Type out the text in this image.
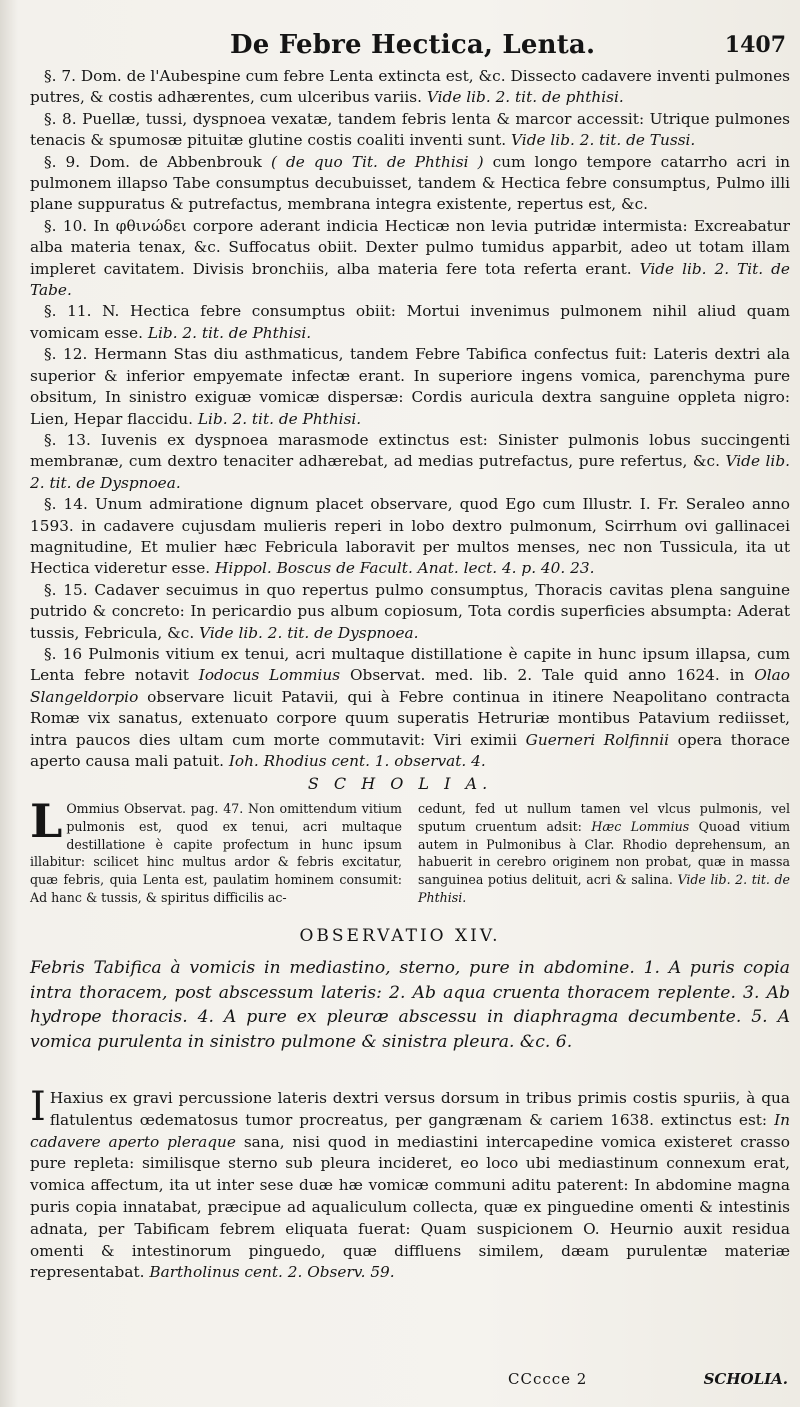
De Febre Hectica, Lenta.	1407

§. 7. Dom. de l'Aubespine cum febre Lenta extincta est, &c. Dissecto cadavere inventi pulmones putres, & costis adhærentes, cum ulceribus variis. Vide lib. 2. tit. de phthisi.

§. 8. Puellæ, tussi, dyspnoea vexatæ, tandem febris lenta & marcor accessit: Utrique pulmones tenacis & spumosæ pituitæ glutine costis coaliti inventi sunt. Vide lib. 2. tit. de Tussi.

§. 9. Dom. de Abbenbrouk ( de quo Tit. de Phthisi ) cum longo tempore catarrho acri in pulmonem illapso Tabe consumptus decubuisset, tandem & Hectica febre consumptus, Pulmo illi plane suppuratus & putrefactus, membrana integra existente, repertus est, &c.

§. 10. In φθινώδει corpore aderant indicia Hecticæ non levia putridæ intermista: Excreabatur alba materia tenax, &c. Suffocatus obiit. Dexter pulmo tumidus apparbit, adeo ut totam illam impleret cavitatem. Divisis bronchiis, alba materia fere tota referta erant. Vide lib. 2. Tit. de Tabe.

§. 11. N. Hectica febre consumptus obiit: Mortui invenimus pulmonem nihil aliud quam vomicam esse. Lib. 2. tit. de Phthisi.

§. 12. Hermann Stas diu asthmaticus, tandem Febre Tabifica confectus fuit: Lateris dextri ala superior & inferior empyemate infectæ erant. In superiore ingens vomica, parenchyma pure obsitum, In sinistro exiguæ vomicæ dispersæ: Cordis auricula dextra sanguine oppleta nigro: Lien, Hepar flaccidu. Lib. 2. tit. de Phthisi.

§. 13. Iuvenis ex dyspnoea marasmode extinctus est: Sinister pulmonis lobus succingenti membranæ, cum dextro tenaciter adhærebat, ad medias putrefactus, pure refertus, &c. Vide lib. 2. tit. de Dyspnoea.

§. 14. Unum admiratione dignum placet observare, quod Ego cum Illustr. I. Fr. Seraleo anno 1593. in cadavere cujusdam mulieris reperi in lobo dextro pulmonum, Scirrhum ovi gallinacei magnitudine, Et mulier hæc Febricula laboravit per multos menses, nec non Tussicula, ita ut Hectica videretur esse. Hippol. Boscus de Facult. Anat. lect. 4. p. 40. 23.

§. 15. Cadaver secuimus in quo repertus pulmo consumptus, Thoracis cavitas plena sanguine putrido & concreto: In pericardio pus album copiosum, Tota cordis superficies absumpta: Aderat tussis, Febricula, &c. Vide lib. 2. tit. de Dyspnoea.

§. 16 Pulmonis vitium ex tenui, acri multaque distillatione è capite in hunc ipsum illapsa, cum Lenta febre notavit Iodocus Lommius Observat. med. lib. 2. Tale quid anno 1624. in Olao Slangeldorpio observare licuit Patavii, qui à Febre continua in itinere Neapolitano contracta Romæ vix sanatus, extenuato corpore quum superatis Hetruriæ montibus Patavium rediisset, intra paucos dies ultam cum morte commutavit: Viri eximii Guerneri Rolfinnii opera thorace aperto causa mali patuit. Ioh. Rhodius cent. 1. observat. 4.

S C H O L I A.
L Ommius Observat. pag. 47. Non omittendum vitium pulmonis est, quod ex tenui, acri multaque destillatione è capite profectum in hunc ipsum illabitur: scilicet hinc multus ardor & febris excitatur, quæ febris, quia Lenta est, paulatim hominem consumit: Ad hanc & tussis, & spiritus difficilis ac-
cedunt, fed ut nullum tamen vel vlcus pulmonis, vel sputum cruentum adsit: Hæc Lommius Quoad vitium autem in Pulmonibus à Clar. Rhodio deprehensum, an habuerit in cerebro originem non probat, quæ in massa sanguinea potius delituit, acri & salina. Vide lib. 2. tit. de Phthisi.
OBSERVATIO XIV.
Febris Tabifica à vomicis in mediastino, sterno, pure in abdomine. 1. A puris copia intra thoracem, post abscessum lateris: 2. Ab aqua cruenta thoracem replente. 3. Ab hydrope thoracis. 4. A pure ex pleuræ abscessu in diaphragma decumbente. 5. A vomica purulenta in sinistro pulmone & sinistra pleura. &c. 6.
I Haxius ex gravi percussione lateris dextri versus dorsum in tribus primis costis spuriis, à qua flatulentus œdematosus tumor procreatus, per gangrænam & cariem 1638. extinctus est: In cadavere aperto pleraque sana, nisi quod in mediastini intercapedine vomica existeret crasso pure repleta: similisque sterno sub pleura incideret, eo loco ubi mediastinum connexum erat, vomica affectum, ita ut inter sese duæ hæ vomicæ communi aditu paterent: In abdomine magna puris copia innatabat, præcipue ad aqualiculum collecta, quæ ex pinguedine omenti & intestinis adnata, per Tabificam febrem eliquata fuerat: Quam suspicionem O. Heurnio auxit residua omenti & intestinorum pinguedo, quæ diffluens similem, dæam purulentæ materiæ representabat. Bartholinus cent. 2. Observ. 59.
CCccce 2	SCHOLIA.
